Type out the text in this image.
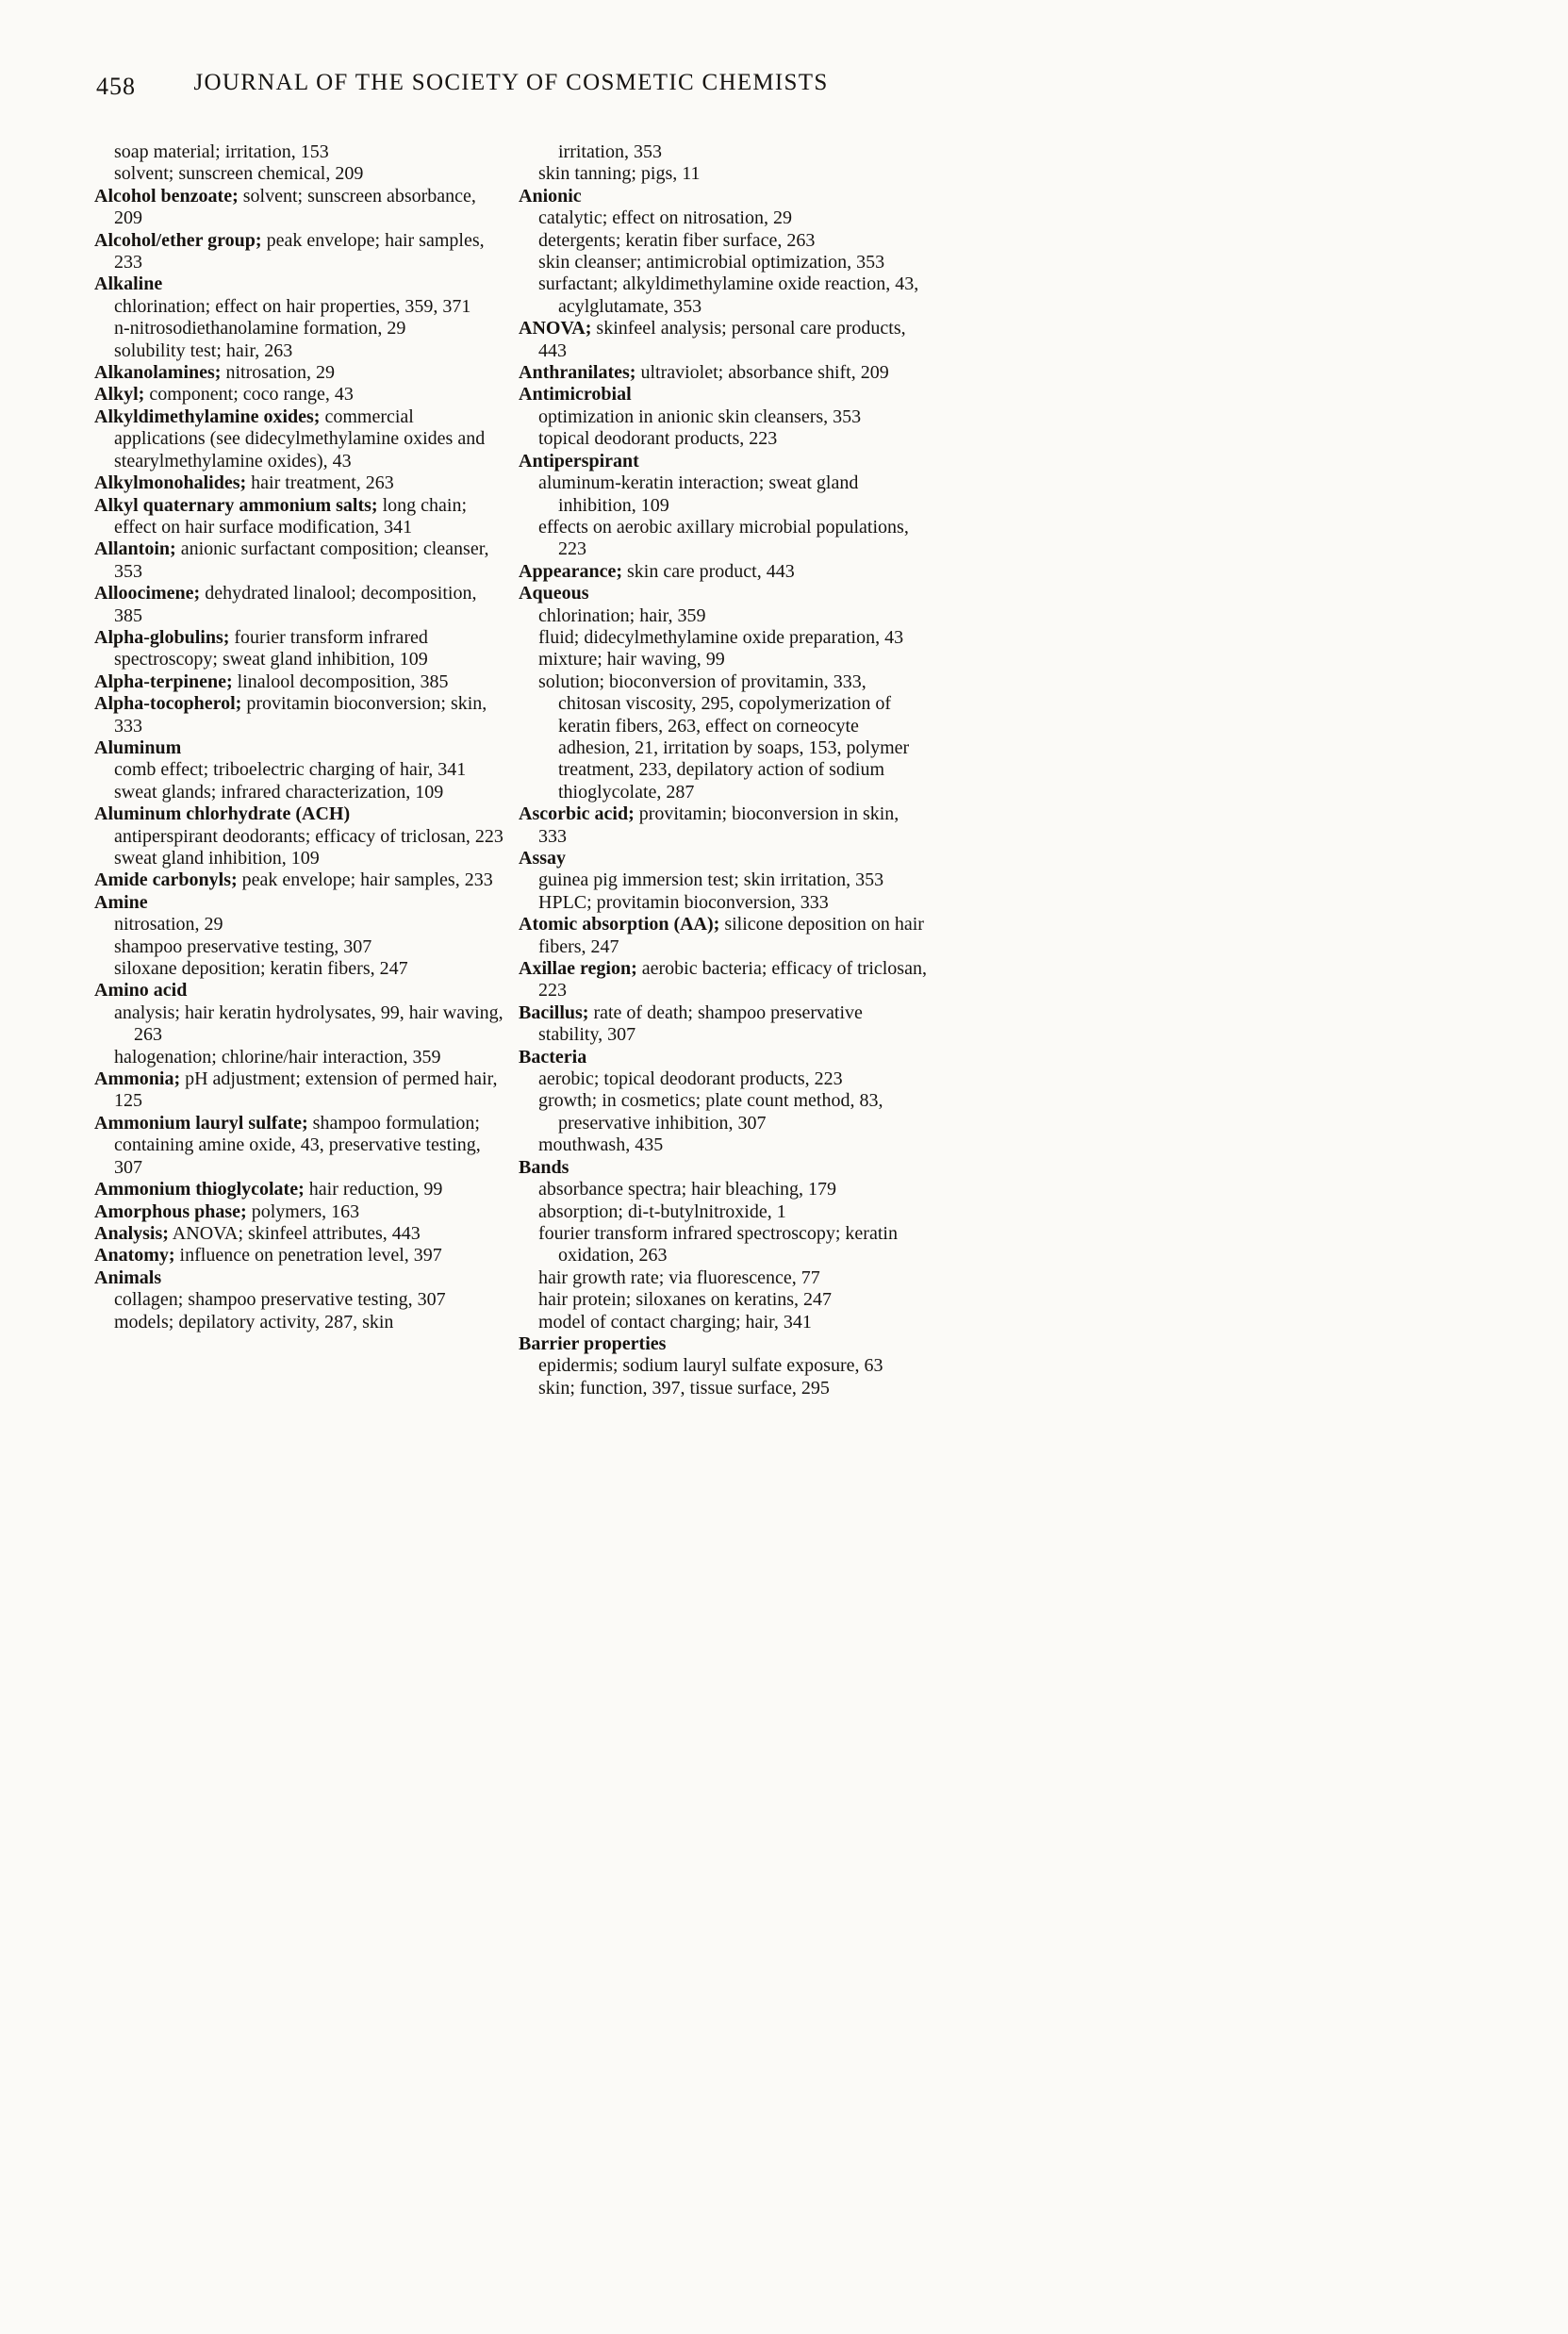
458	JOURNAL OF THE SOCIETY OF COSMETIC CHEMISTS

soap material; irritation, 153

solvent; sunscreen chemical, 209

Alcohol benzoate; solvent; sunscreen absorbance, 209

Alcohol/ether group; peak envelope; hair samples, 233

Alkaline

chlorination; effect on hair properties, 359, 371

n-nitrosodiethanolamine formation, 29

solubility test; hair, 263

Alkanolamines; nitrosation, 29

Alkyl; component; coco range, 43

Alkyldimethylamine oxides; commercial applications (see didecylmethylamine oxides and stearylmethylamine oxides), 43

Alkylmonohalides; hair treatment, 263

Alkyl quaternary ammonium salts; long chain; effect on hair surface modification, 341

Allantoin; anionic surfactant composition; cleanser, 353

Alloocimene; dehydrated linalool; decomposition, 385

Alpha-globulins; fourier transform infrared spectroscopy; sweat gland inhibition, 109

Alpha-terpinene; linalool decomposition, 385

Alpha-tocopherol; provitamin bioconversion; skin, 333

Aluminum

comb effect; triboelectric charging of hair, 341

sweat glands; infrared characterization, 109

Aluminum chlorhydrate (ACH)

antiperspirant deodorants; efficacy of triclosan, 223

sweat gland inhibition, 109

Amide carbonyls; peak envelope; hair samples, 233

Amine

nitrosation, 29

shampoo preservative testing, 307

siloxane deposition; keratin fibers, 247

Amino acid

analysis; hair keratin hydrolysates, 99, hair waving, 263

halogenation; chlorine/hair interaction, 359

Ammonia; pH adjustment; extension of permed hair, 125

Ammonium lauryl sulfate; shampoo formulation; containing amine oxide, 43, preservative testing, 307

Ammonium thioglycolate; hair reduction, 99

Amorphous phase; polymers, 163

Analysis; ANOVA; skinfeel attributes, 443

Anatomy; influence on penetration level, 397

Animals

collagen; shampoo preservative testing, 307

models; depilatory activity, 287, skin

irritation, 353

skin tanning; pigs, 11

Anionic

catalytic; effect on nitrosation, 29

detergents; keratin fiber surface, 263

skin cleanser; antimicrobial optimization, 353

surfactant; alkyldimethylamine oxide reaction, 43, acylglutamate, 353

ANOVA; skinfeel analysis; personal care products, 443

Anthranilates; ultraviolet; absorbance shift, 209

Antimicrobial

optimization in anionic skin cleansers, 353

topical deodorant products, 223

Antiperspirant

aluminum-keratin interaction; sweat gland inhibition, 109

effects on aerobic axillary microbial populations, 223

Appearance; skin care product, 443

Aqueous

chlorination; hair, 359

fluid; didecylmethylamine oxide preparation, 43

mixture; hair waving, 99

solution; bioconversion of provitamin, 333, chitosan viscosity, 295, copolymerization of keratin fibers, 263, effect on corneocyte adhesion, 21, irritation by soaps, 153, polymer treatment, 233, depilatory action of sodium thioglycolate, 287

Ascorbic acid; provitamin; bioconversion in skin, 333

Assay

guinea pig immersion test; skin irritation, 353

HPLC; provitamin bioconversion, 333

Atomic absorption (AA); silicone deposition on hair fibers, 247

Axillae region; aerobic bacteria; efficacy of triclosan, 223

Bacillus; rate of death; shampoo preservative stability, 307

Bacteria

aerobic; topical deodorant products, 223

growth; in cosmetics; plate count method, 83, preservative inhibition, 307

mouthwash, 435

Bands

absorbance spectra; hair bleaching, 179

absorption; di-t-butylnitroxide, 1

fourier transform infrared spectroscopy; keratin oxidation, 263

hair growth rate; via fluorescence, 77

hair protein; siloxanes on keratins, 247

model of contact charging; hair, 341

Barrier properties

epidermis; sodium lauryl sulfate exposure, 63

skin; function, 397, tissue surface, 295
